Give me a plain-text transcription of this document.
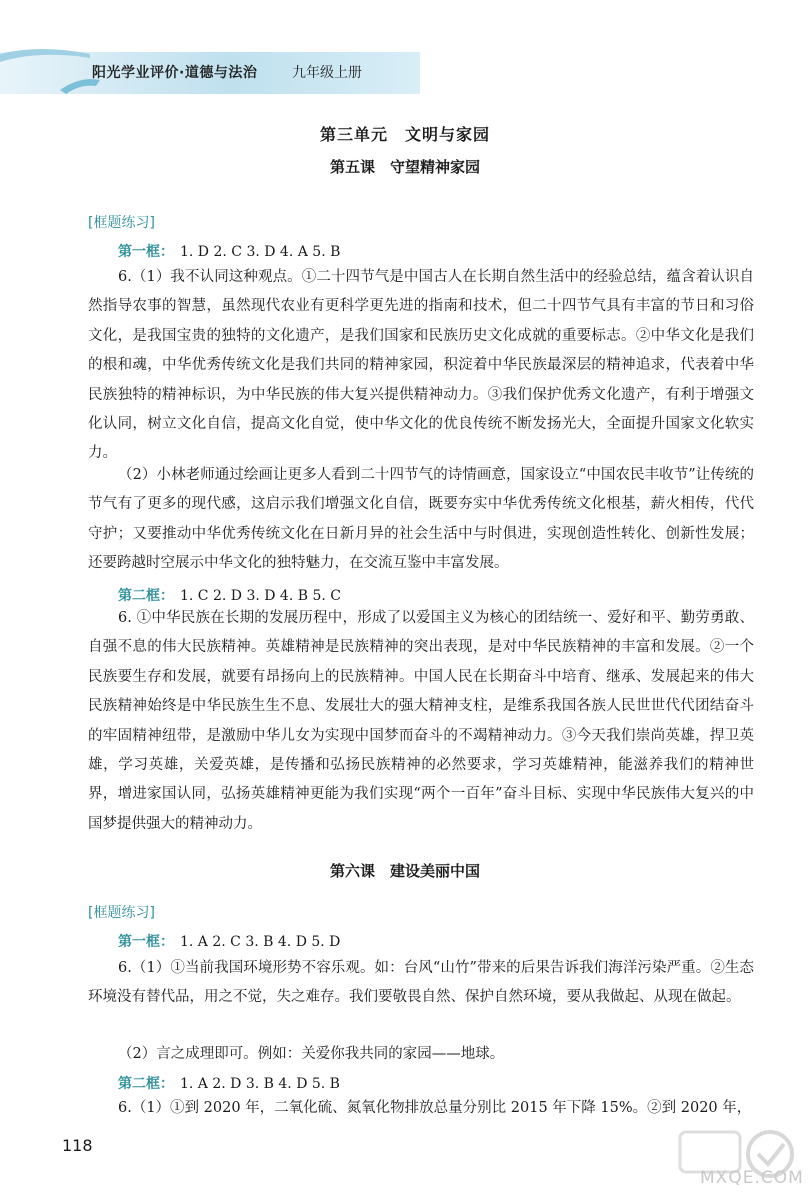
阳光学业评价·道德与法治 九年级上册
第三单元　文明与家园
第五课　守望精神家园
[框题练习]
第一框： 1. D 2. C 3. D 4. A 5. B

6.（1）我不认同这种观点。①二十四节气是中国古人在长期自然生活中的经验总结，蕴含着认识自然指导农事的智慧，虽然现代农业有更科学更先进的指南和技术，但二十四节气具有丰富的节日和习俗文化，是我国宝贵的独特的文化遗产，是我们国家和民族历史文化成就的重要标志。②中华文化是我们的根和魂，中华优秀传统文化是我们共同的精神家园，积淀着中华民族最深层的精神追求，代表着中华民族独特的精神标识，为中华民族的伟大复兴提供精神动力。③我们保护优秀文化遗产，有利于增强文化认同，树立文化自信，提高文化自觉，使中华文化的优良传统不断发扬光大，全面提升国家文化软实力。

（2）小林老师通过绘画让更多人看到二十四节气的诗情画意，国家设立“中国农民丰收节”让传统的节气有了更多的现代感，这启示我们增强文化自信，既要夯实中华优秀传统文化根基，薪火相传，代代守护；又要推动中华优秀传统文化在日新月异的社会生活中与时俱进，实现创造性转化、创新性发展；还要跨越时空展示中华文化的独特魅力，在交流互鉴中丰富发展。

第二框： 1. C 2. D 3. D 4. B 5. C

6. ①中华民族在长期的发展历程中，形成了以爱国主义为核心的团结统一、爱好和平、勤劳勇敢、自强不息的伟大民族精神。英雄精神是民族精神的突出表现，是对中华民族精神的丰富和发展。②一个民族要生存和发展，就要有昂扬向上的民族精神。中国人民在长期奋斗中培育、继承、发展起来的伟大民族精神始终是中华民族生生不息、发展壮大的强大精神支柱，是维系我国各族人民世世代代团结奋斗的牢固精神纽带，是激励中华儿女为实现中国梦而奋斗的不竭精神动力。③今天我们崇尚英雄，捍卫英雄，学习英雄，关爱英雄，是传播和弘扬民族精神的必然要求，学习英雄精神，能滋养我们的精神世界，增进家国认同，弘扬英雄精神更能为我们实现“两个一百年”奋斗目标、实现中华民族伟大复兴的中国梦提供强大的精神动力。

第六课　建设美丽中国
[框题练习]
第一框： 1. A 2. C 3. B 4. D 5. D

6.（1）①当前我国环境形势不容乐观。如：台风“山竹”带来的后果告诉我们海洋污染严重。②生态环境没有替代品，用之不觉，失之难存。我们要敬畏自然、保护自然环境，要从我做起、从现在做起。

（2）言之成理即可。例如：关爱你我共同的家园——地球。

第二框： 1. A 2. D 3. B 4. D 5. B

6.（1）①到 2020 年，二氧化硫、氮氧化物排放总量分别比 2015 年下降 15%。②到 2020 年，

118
MXQE.COM
